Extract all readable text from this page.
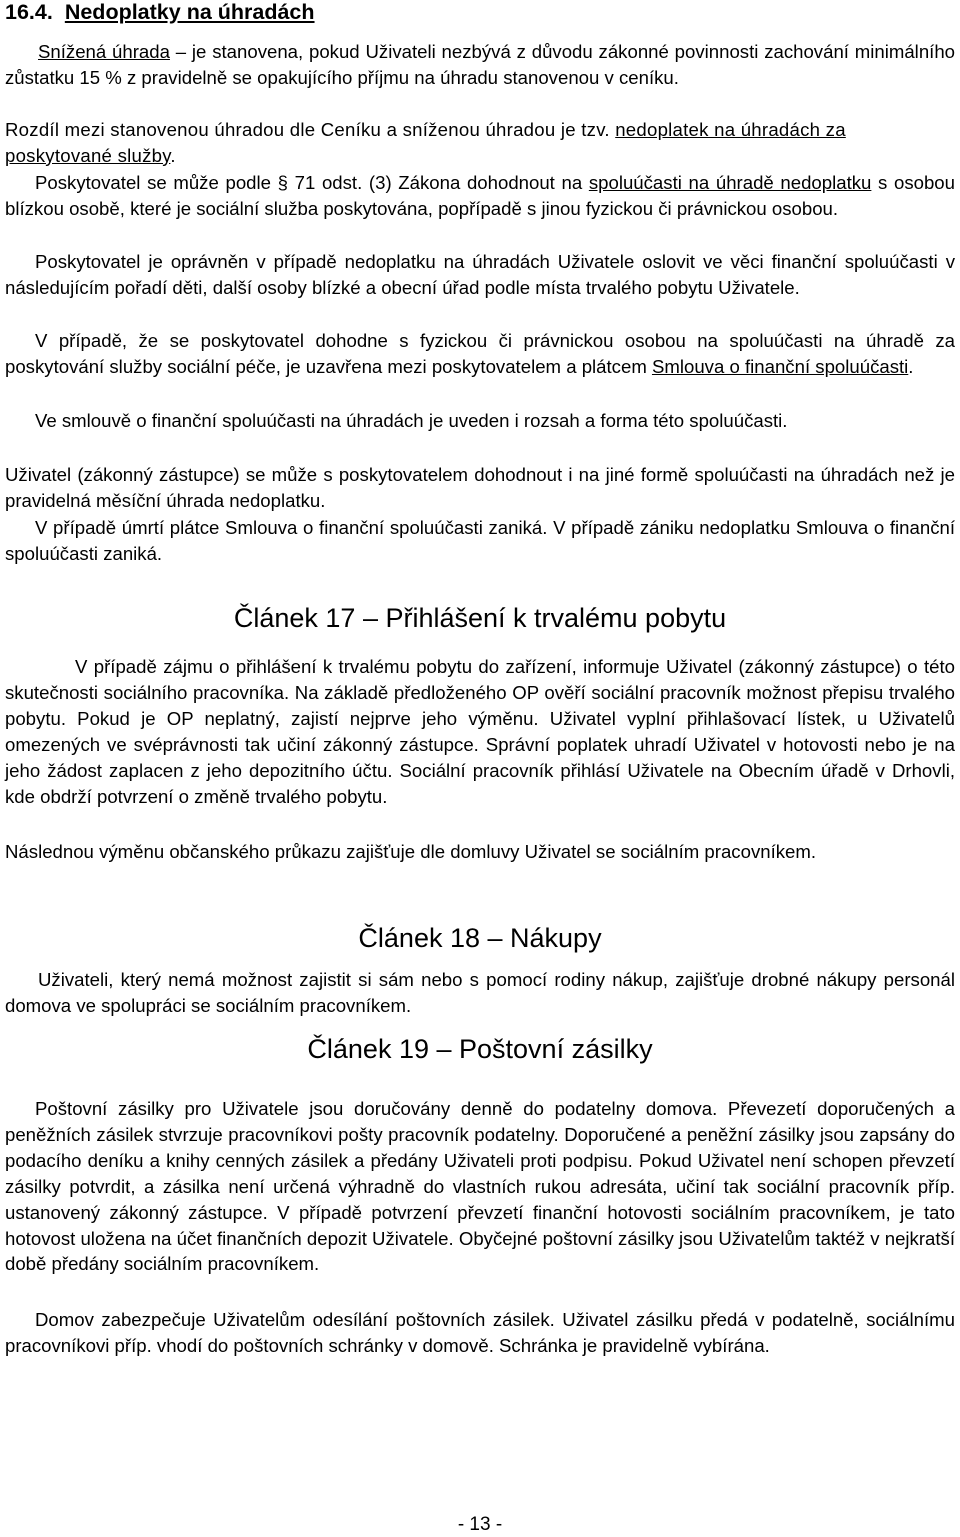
16.4. Nedoplatky na úhradách

Snížená úhrada – je stanovena, pokud Uživateli nezbývá z důvodu zákonné povinnosti zachování minimálního zůstatku 15 % z pravidelně se opakujícího příjmu na úhradu stanovenou v ceníku.

Rozdíl mezi stanovenou úhradou dle Ceníku a sníženou úhradou je tzv. nedoplatek na úhradách za poskytované služby.

Poskytovatel se může podle § 71 odst. (3) Zákona dohodnout na spoluúčasti na úhradě nedoplatku s osobou blízkou osobě, které je sociální služba poskytována, popřípadě s jinou fyzickou či právnickou osobou.

Poskytovatel je oprávněn v případě nedoplatku na úhradách Uživatele oslovit ve věci finanční spoluúčasti v následujícím pořadí děti, další osoby blízké a obecní úřad podle místa trvalého pobytu Uživatele.

V případě, že se poskytovatel dohodne s fyzickou či právnickou osobou na spoluúčasti na úhradě za poskytování služby sociální péče, je uzavřena mezi poskytovatelem a plátcem Smlouva o finanční spoluúčasti.

Ve smlouvě o finanční spoluúčasti na úhradách je uveden i rozsah a forma této spoluúčasti.

Uživatel (zákonný zástupce) se může s poskytovatelem dohodnout i na jiné formě spoluúčasti na úhradách než je pravidelná měsíční úhrada nedoplatku.

V případě úmrtí plátce Smlouva o finanční spoluúčasti zaniká. V případě zániku nedoplatku Smlouva o finanční spoluúčasti zaniká.

Článek 17 – Přihlášení k trvalému pobytu

V případě zájmu o přihlášení k trvalému pobytu do zařízení, informuje Uživatel (zákonný zástupce) o této skutečnosti sociálního pracovníka. Na základě předloženého OP ověří sociální pracovník možnost přepisu trvalého pobytu. Pokud je OP neplatný, zajistí nejprve jeho výměnu. Uživatel vyplní přihlašovací lístek, u Uživatelů omezených ve svéprávnosti tak učiní zákonný zástupce. Správní poplatek uhradí Uživatel v hotovosti nebo je na jeho žádost zaplacen z jeho depozitního účtu. Sociální pracovník přihlásí Uživatele na Obecním úřadě v Drhovli, kde obdrží potvrzení o změně trvalého pobytu.

Následnou výměnu občanského průkazu zajišťuje dle domluvy Uživatel se sociálním pracovníkem.

Článek 18 – Nákupy

Uživateli, který nemá možnost zajistit si sám nebo s pomocí rodiny nákup, zajišťuje drobné nákupy personál domova ve spolupráci se sociálním pracovníkem.

Článek 19 – Poštovní zásilky

Poštovní zásilky pro Uživatele jsou doručovány denně do podatelny domova. Převezetí doporučených a peněžních zásilek stvrzuje pracovníkovi pošty pracovník podatelny. Doporučené a peněžní zásilky jsou zapsány do podacího deníku a knihy cenných zásilek a předány Uživateli proti podpisu. Pokud Uživatel není schopen převzetí zásilky potvrdit, a zásilka není určená výhradně do vlastních rukou adresáta, učiní tak sociální pracovník příp. ustanovený zákonný zástupce. V případě potvrzení převzetí finanční hotovosti sociálním pracovníkem, je tato hotovost uložena na účet finančních depozit Uživatele. Obyčejné poštovní zásilky jsou Uživatelům taktéž v nejkratší době předány sociálním pracovníkem.

Domov zabezpečuje Uživatelům odesílání poštovních zásilek. Uživatel zásilku předá v podatelně, sociálnímu pracovníkovi příp. vhodí do poštovních schránky v domově. Schránka je pravidelně vybírána.

- 13 -
